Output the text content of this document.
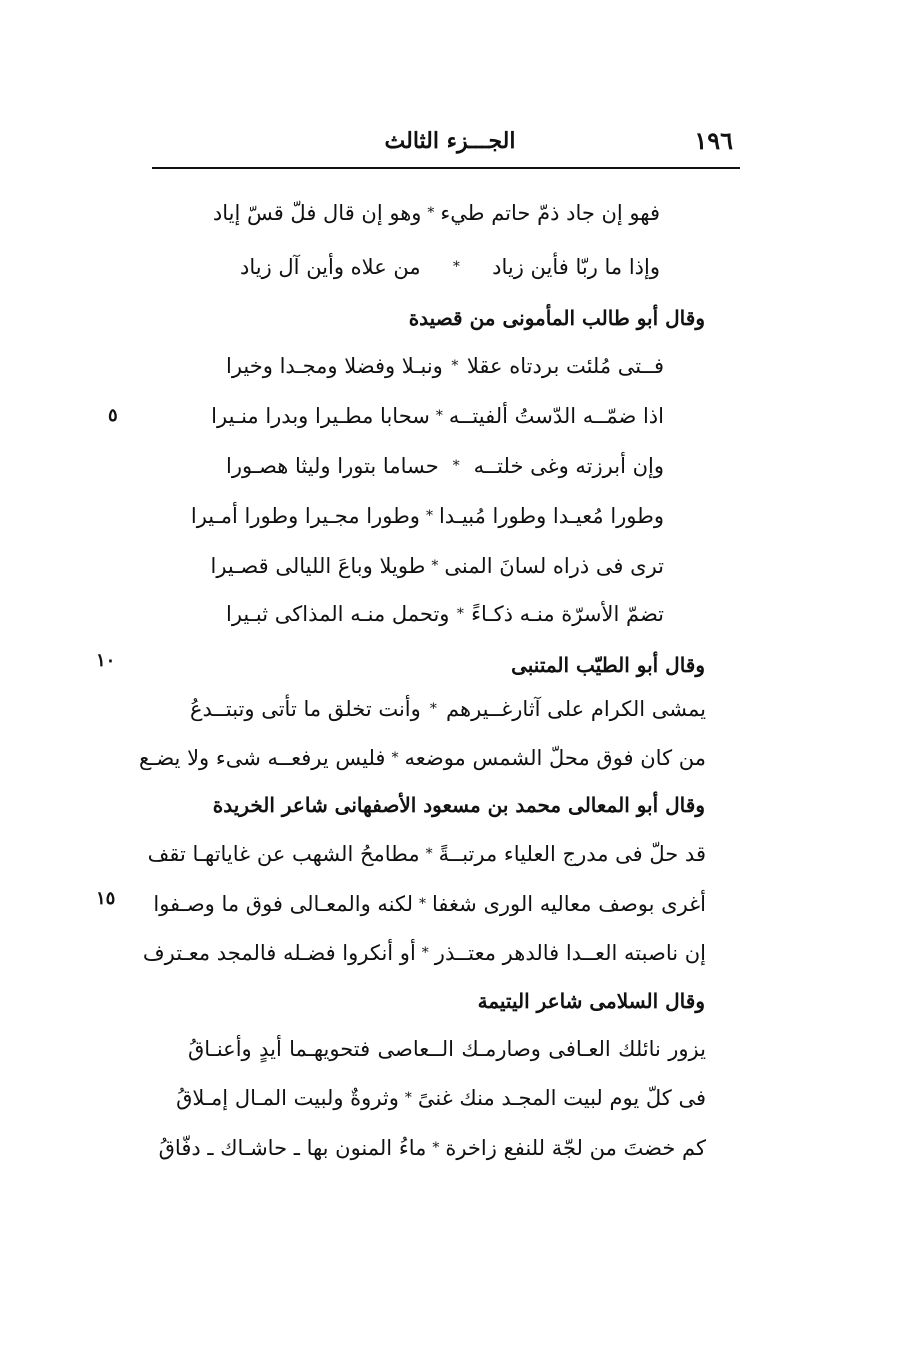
الجـــزء الثالث	١٩٦
٥
١٠
١٥
فهو إن جاد ذمّ حاتم طيء
*
وهو إن قال فلّ قسّ إياد
وإذا ما ربّا فأين زياد
*
من علاه وأين آل زياد
وقال أبو طالب المأمونى من قصيدة
فــتى مُلئت بردتاه عقلا
*
ونبـلا وفضلا ومجـدا وخيرا
اذا ضمّــه الدّستُ ألفيتــه
*
سحابا مطـيرا وبدرا منـيرا
وإن أبرزته وغى خلتــه
*
حساما بتورا وليثا هصـورا
وطورا مُعيـدا وطورا مُبيـدا
*
وطورا مجـيرا وطورا أمـيرا
ترى فى ذراه لسانَ المنى
*
طويلا وباعَ الليالى قصـيرا
تضمّ الأسرّة منـه ذكـاءً
*
وتحمل منـه المذاكى ثبـيرا
وقال أبو الطيّب المتنبى
يمشى الكرام على آثارغــيرهم
*
وأنت تخلق ما تأتى وتبتــدعُ
من كان فوق محلّ الشمس موضعه
*
فليس يرفعــه شىء ولا يضـع
وقال أبو المعالى محمد بن مسعود الأصفهانى شاعر الخريدة
قد حلّ فى مدرج العلياء مرتبــةً
*
مطامحُ الشهب عن غاياتهـا تقف
أغرى بوصف معاليه الورى شغفا
*
لكنه والمعـالى فوق ما وصـفوا
إن ناصبته العــدا فالدهر معتــذر
*
أو أنكروا فضـله فالمجد معـترف
وقال السلامى شاعر اليتيمة
يزور نائلك العـافى وصارمـك الــعاصى فتحويهـما أيدٍ وأعنـاقُ
فى كلّ يوم لبيت المجـد منك غنىً
*
وثروةٌ ولبيت المـال إمـلاقُ
كم خضتَ من لجّة للنفع زاخرة
*
ماءُ المنون بها ـ حاشـاك ـ دفّاقُ
